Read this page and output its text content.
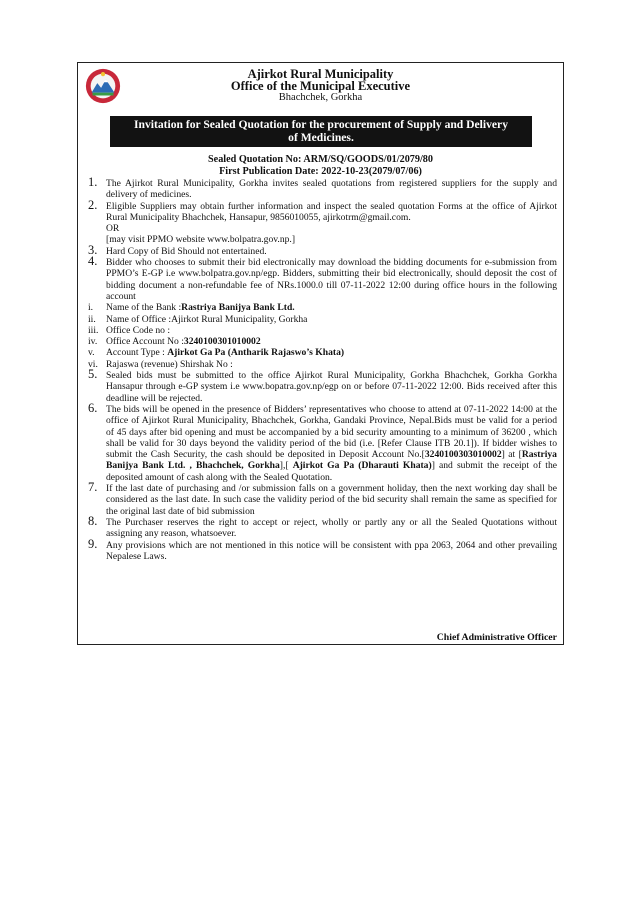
Ajirkot Rural Municipality
Office of the Municipal Executive
Bhachchek, Gorkha
Invitation for Sealed Quotation for the procurement of Supply and Delivery
of Medicines.
Sealed Quotation No: ARM/SQ/GOODS/01/2079/80
First Publication Date: 2022-10-23(2079/07/06)
1. The Ajirkot Rural Municipality, Gorkha invites sealed quotations from registered suppliers for the supply and delivery of medicines.
2. Eligible Suppliers may obtain further information and inspect the sealed quotation Forms at the office of Ajirkot Rural Municipality Bhachchek, Hansapur, 9856010055, ajirkotrm@gmail.com.
OR
[may visit PPMO website www.bolpatra.gov.np.]
3. Hard Copy of Bid Should not entertained.
4. Bidder who chooses to submit their bid electronically may download the bidding documents for e-submission from PPMO’s E-GP i.e www.bolpatra.gov.np/egp. Bidders, submitting their bid electronically, should deposit the cost of bidding document a non-refundable fee of NRs.1000.0 till 07-11-2022 12:00 during office hours in the following account
i. Name of the Bank :Rastriya Banijya Bank Ltd.
ii. Name of Office :Ajirkot Rural Municipality, Gorkha
iii. Office Code no :
iv. Office Account No :3240100301010002
v. Account Type : Ajirkot Ga Pa (Antharik Rajaswo’s Khata)
vi. Rajaswa (revenue) Shirshak No :
5. Sealed bids must be submitted to the office Ajirkot Rural Municipality, Gorkha Bhachchek, Gorkha Gorkha Hansapur through e-GP system i.e www.bopatra.gov.np/egp on or before 07-11-2022 12:00. Bids received after this deadline will be rejected.
6. The bids will be opened in the presence of Bidders’ representatives who choose to attend at 07-11-2022 14:00 at the office of Ajirkot Rural Municipality, Bhachchek, Gorkha, Gandaki Province, Nepal.Bids must be valid for a period of 45 days after bid opening and must be accompanied by a bid security amounting to a minimum of 36200 , which shall be valid for 30 days beyond the validity period of the bid (i.e. [Refer Clause ITB 20.1]). If bidder wishes to submit the Cash Security, the cash should be deposited in Deposit Account No.[3240100303010002] at [Rastriya Banijya Bank Ltd. , Bhachchek, Gorkha],[ Ajirkot Ga Pa (Dharauti Khata)] and submit the receipt of the deposited amount of cash along with the Sealed Quotation.
7. If the last date of purchasing and /or submission falls on a government holiday, then the next working day shall be considered as the last date. In such case the validity period of the bid security shall remain the same as specified for the original last date of bid submission
8. The Purchaser reserves the right to accept or reject, wholly or partly any or all the Sealed Quotations without assigning any reason, whatsoever.
9. Any provisions which are not mentioned in this notice will be consistent with ppa 2063, 2064 and other prevailing Nepalese Laws.
Chief Administrative Officer
